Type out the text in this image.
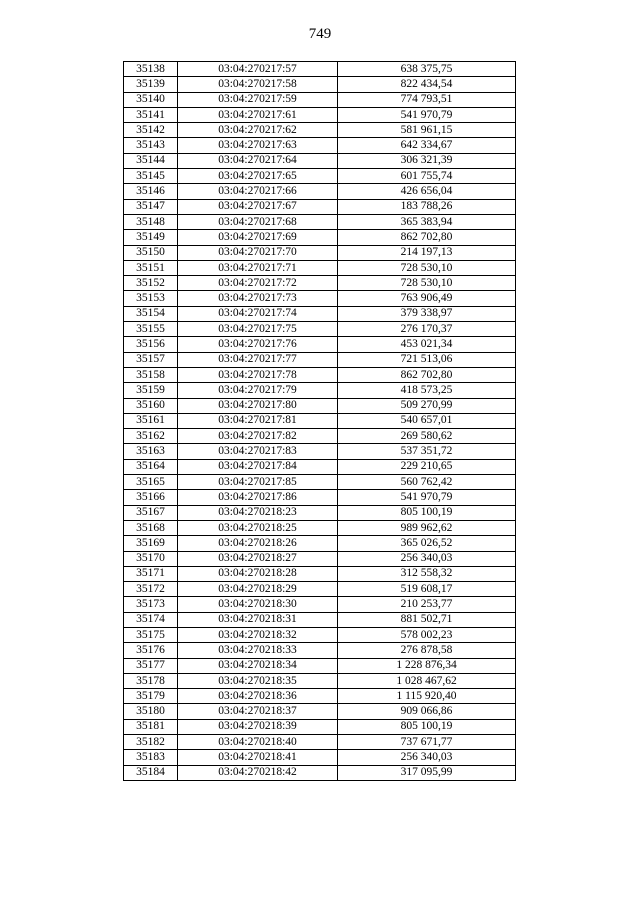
749
35138	03:04:270217:57	638 375,75
35139	03:04:270217:58	822 434,54
35140	03:04:270217:59	774 793,51
35141	03:04:270217:61	541 970,79
35142	03:04:270217:62	581 961,15
35143	03:04:270217:63	642 334,67
35144	03:04:270217:64	306 321,39
35145	03:04:270217:65	601 755,74
35146	03:04:270217:66	426 656,04
35147	03:04:270217:67	183 788,26
35148	03:04:270217:68	365 383,94
35149	03:04:270217:69	862 702,80
35150	03:04:270217:70	214 197,13
35151	03:04:270217:71	728 530,10
35152	03:04:270217:72	728 530,10
35153	03:04:270217:73	763 906,49
35154	03:04:270217:74	379 338,97
35155	03:04:270217:75	276 170,37
35156	03:04:270217:76	453 021,34
35157	03:04:270217:77	721 513,06
35158	03:04:270217:78	862 702,80
35159	03:04:270217:79	418 573,25
35160	03:04:270217:80	509 270,99
35161	03:04:270217:81	540 657,01
35162	03:04:270217:82	269 580,62
35163	03:04:270217:83	537 351,72
35164	03:04:270217:84	229 210,65
35165	03:04:270217:85	560 762,42
35166	03:04:270217:86	541 970,79
35167	03:04:270218:23	805 100,19
35168	03:04:270218:25	989 962,62
35169	03:04:270218:26	365 026,52
35170	03:04:270218:27	256 340,03
35171	03:04:270218:28	312 558,32
35172	03:04:270218:29	519 608,17
35173	03:04:270218:30	210 253,77
35174	03:04:270218:31	881 502,71
35175	03:04:270218:32	578 002,23
35176	03:04:270218:33	276 878,58
35177	03:04:270218:34	1 228 876,34
35178	03:04:270218:35	1 028 467,62
35179	03:04:270218:36	1 115 920,40
35180	03:04:270218:37	909 066,86
35181	03:04:270218:39	805 100,19
35182	03:04:270218:40	737 671,77
35183	03:04:270218:41	256 340,03
35184	03:04:270218:42	317 095,99
